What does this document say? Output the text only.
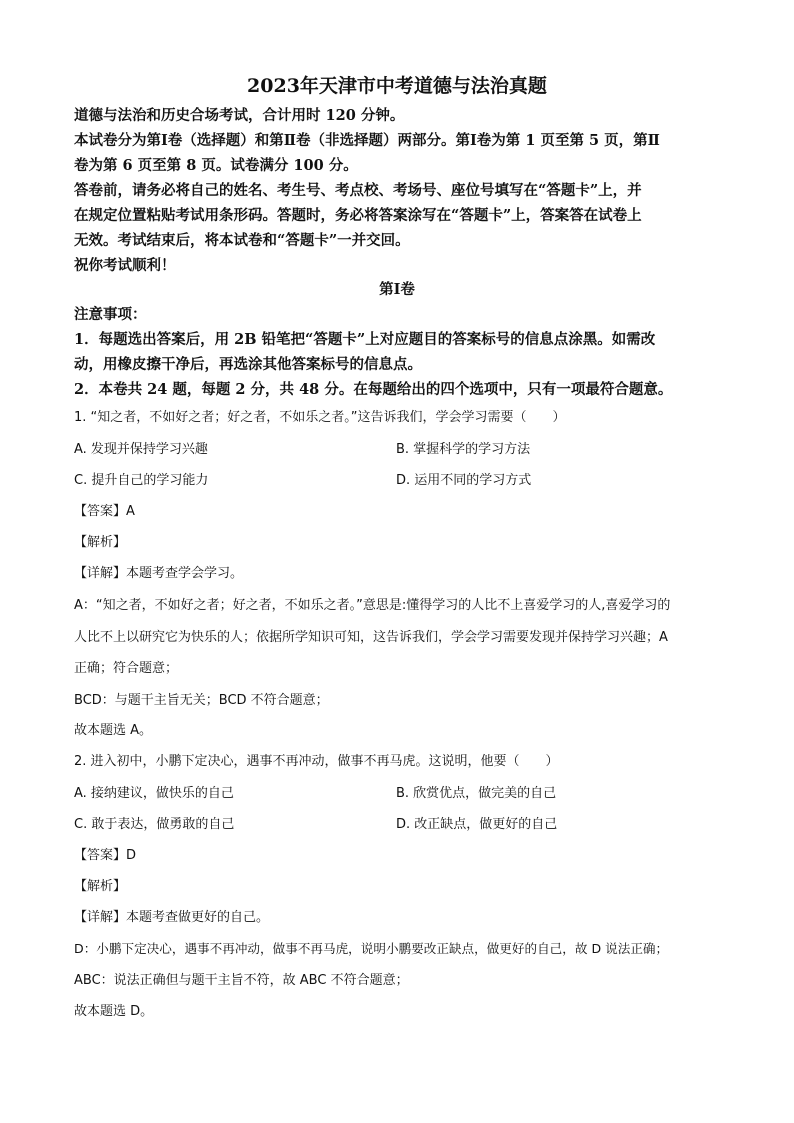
2023年天津市中考道德与法治真题
道德与法治和历史合场考试，合计用时 120 分钟。
本试卷分为第Ⅰ卷（选择题）和第Ⅱ卷（非选择题）两部分。第Ⅰ卷为第 1 页至第 5 页，第Ⅱ
卷为第 6 页至第 8 页。试卷满分 100 分。
答卷前，请务必将自己的姓名、考生号、考点校、考场号、座位号填写在“答题卡”上，并
在规定位置粘贴考试用条形码。答题时，务必将答案涂写在“答题卡”上，答案答在试卷上
无效。考试结束后，将本试卷和“答题卡”一并交回。
祝你考试顺利！
第Ⅰ卷
注意事项：
1．每题选出答案后，用 2B 铅笔把“答题卡”上对应题目的答案标号的信息点涂黑。如需改
动，用橡皮擦干净后，再选涂其他答案标号的信息点。
2．本卷共 24 题，每题 2 分，共 48 分。在每题给出的四个选项中，只有一项最符合题意。
1. “知之者，不如好之者；好之者，不如乐之者。”这告诉我们，学会学习需要（　　）
A. 发现并保持学习兴趣	B. 掌握科学的学习方法
C. 提升自己的学习能力	D. 运用不同的学习方式
【答案】A
【解析】
【详解】本题考查学会学习。
A：“知之者，不如好之者；好之者，不如乐之者。”意思是:懂得学习的人比不上喜爱学习的人,喜爱学习的
人比不上以研究它为快乐的人；依据所学知识可知，这告诉我们，学会学习需要发现并保持学习兴趣；A
正确；符合题意；
BCD：与题干主旨无关；BCD 不符合题意；
故本题选 A。
2. 进入初中，小鹏下定决心，遇事不再冲动，做事不再马虎。这说明，他要（　　）
A. 接纳建议，做快乐的自己	B. 欣赏优点，做完美的自己
C. 敢于表达，做勇敢的自己	D. 改正缺点，做更好的自己
【答案】D
【解析】
【详解】本题考查做更好的自己。
D：小鹏下定决心，遇事不再冲动，做事不再马虎，说明小鹏要改正缺点，做更好的自己，故 D 说法正确；
ABC：说法正确但与题干主旨不符，故 ABC 不符合题意；
故本题选 D。
